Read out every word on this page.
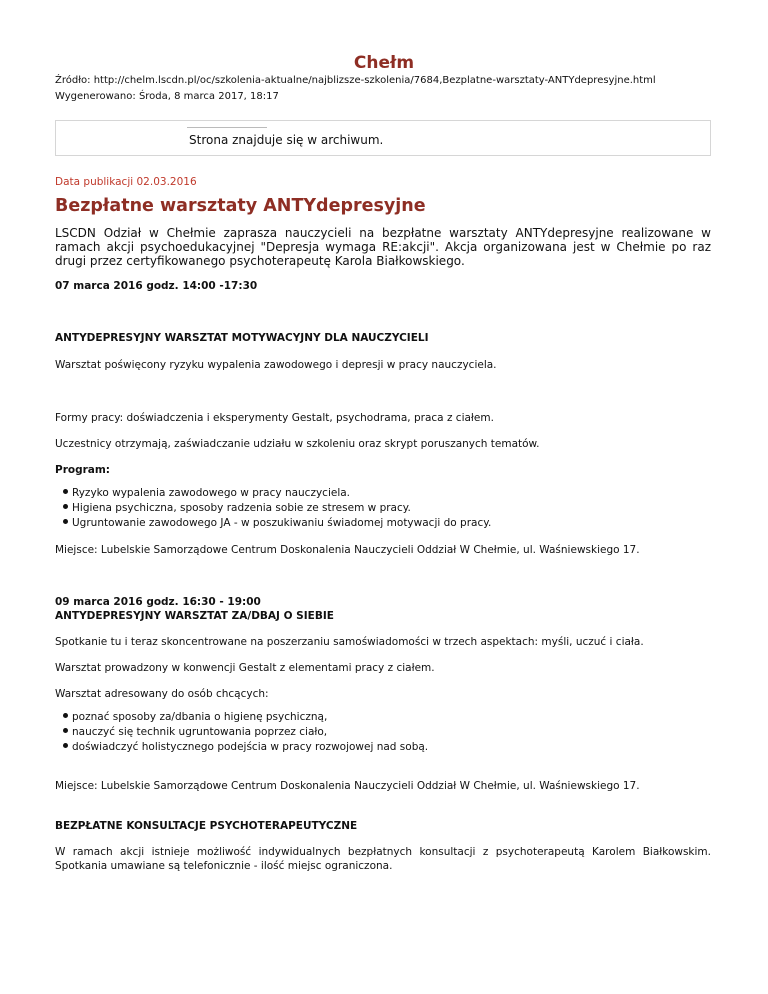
Chełm
Źródło: http://chelm.lscdn.pl/oc/szkolenia-aktualne/najblizsze-szkolenia/7684,Bezplatne-warsztaty-ANTYdepresyjne.html
Wygenerowano: Środa, 8 marca 2017, 18:17
Strona znajduje się w archiwum.
Data publikacji 02.03.2016
Bezpłatne warsztaty ANTYdepresyjne

LSCDN Odział w Chełmie zaprasza nauczycieli na bezpłatne warsztaty ANTYdepresyjne realizowane w ramach akcji psychoedukacyjnej "Depresja wymaga RE:akcji". Akcja organizowana jest w Chełmie po raz drugi przez certyfikowanego psychoterapeutę Karola Białkowskiego.

07 marca 2016 godz. 14:00 -17:30

ANTYDEPRESYJNY WARSZTAT MOTYWACYJNY DLA NAUCZYCIELI

Warsztat poświęcony ryzyku wypalenia zawodowego i depresji w pracy nauczyciela.

Formy pracy: doświadczenia i eksperymenty Gestalt, psychodrama, praca z ciałem.

Uczestnicy otrzymają, zaświadczanie udziału w szkoleniu oraz skrypt poruszanych tematów.

Program:

Ryzyko wypalenia zawodowego w pracy nauczyciela.
Higiena psychiczna, sposoby radzenia sobie ze stresem w pracy.
Ugruntowanie zawodowego JA - w poszukiwaniu świadomej motywacji do pracy.

Miejsce: Lubelskie Samorządowe Centrum Doskonalenia Nauczycieli Oddział W Chełmie, ul. Waśniewskiego 17.

09 marca 2016 godz. 16:30 - 19:00

ANTYDEPRESYJNY WARSZTAT ZA/DBAJ O SIEBIE

Spotkanie tu i teraz skoncentrowane na poszerzaniu samoświadomości w trzech aspektach: myśli, uczuć i ciała.

Warsztat prowadzony w konwencji Gestalt z elementami pracy z ciałem.

Warsztat adresowany do osób chcących:

poznać sposoby za/dbania o higienę psychiczną,
nauczyć się technik ugruntowania poprzez ciało,
doświadczyć holistycznego podejścia w pracy rozwojowej nad sobą.

Miejsce: Lubelskie Samorządowe Centrum Doskonalenia Nauczycieli Oddział W Chełmie, ul. Waśniewskiego 17.

BEZPŁATNE KONSULTACJE PSYCHOTERAPEUTYCZNE

W ramach akcji istnieje możliwość indywidualnych bezpłatnych konsultacji z psychoterapeutą Karolem Białkowskim. Spotkania umawiane są telefonicznie - ilość miejsc ograniczona.
